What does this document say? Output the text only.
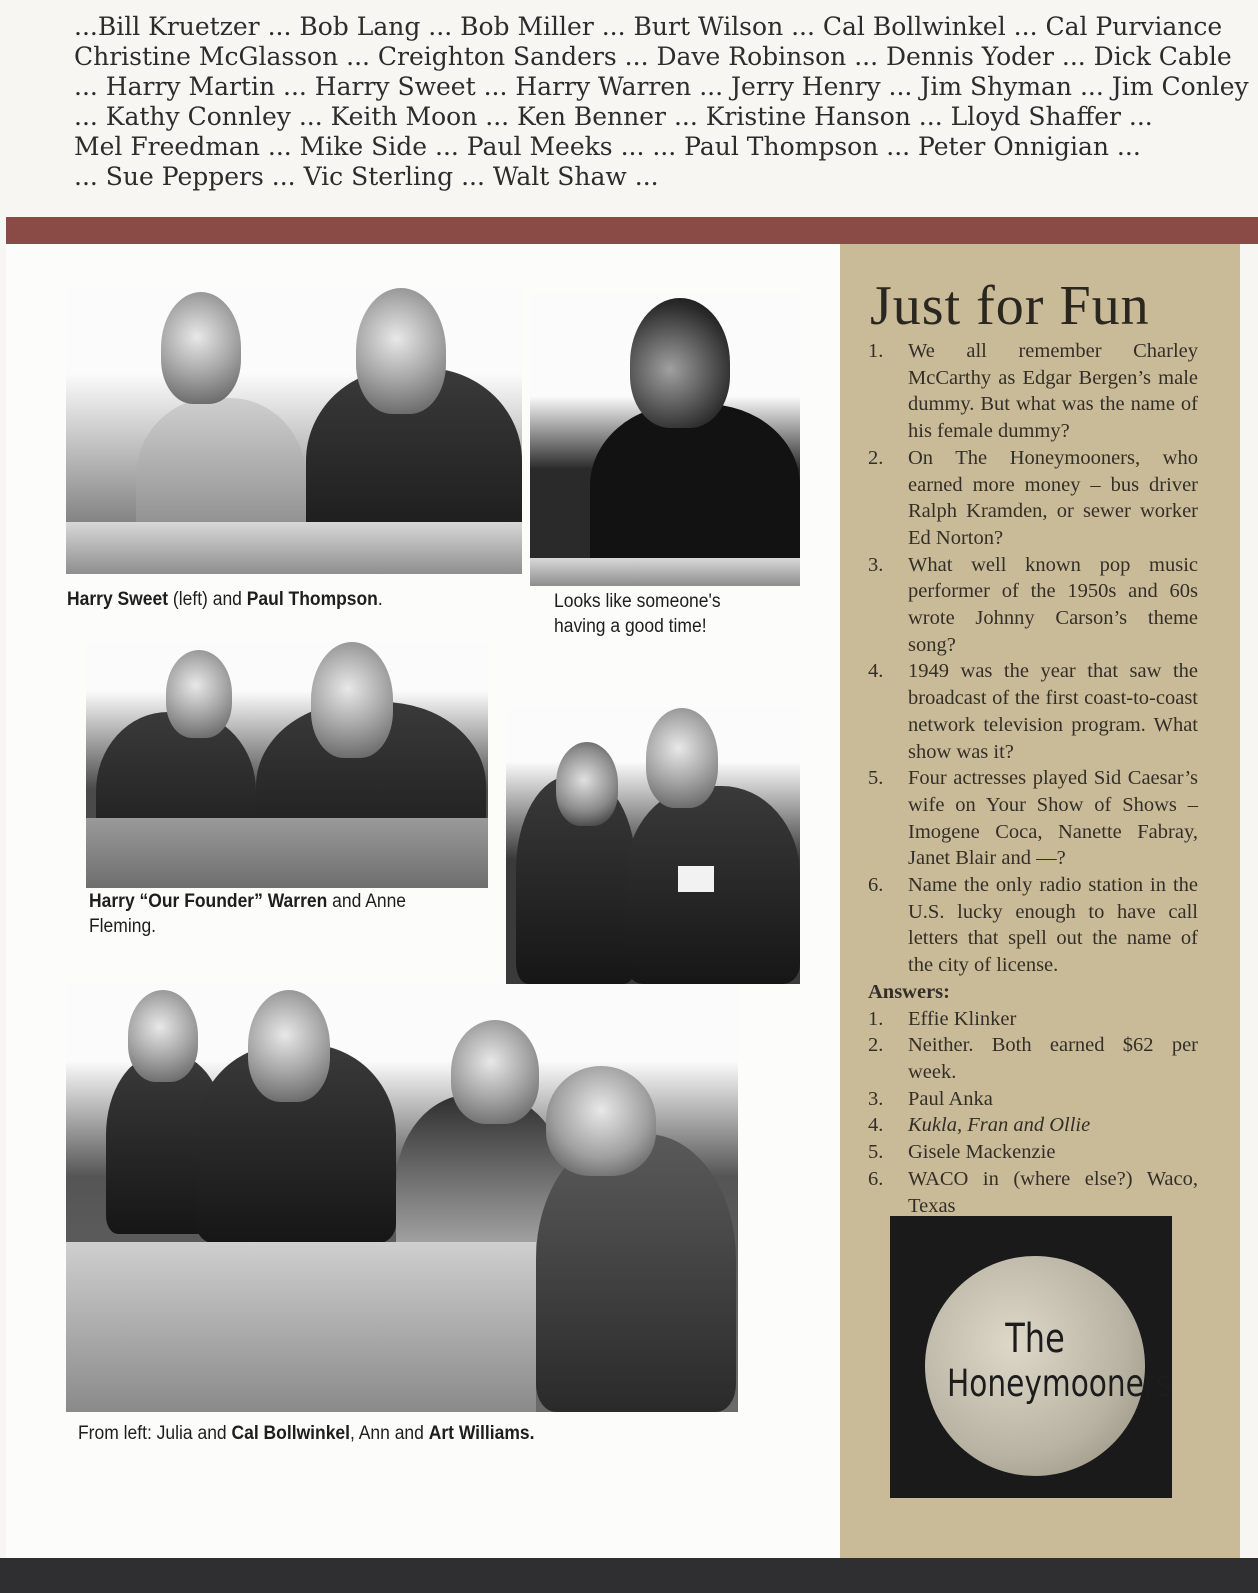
...Bill Kruetzer ... Bob Lang ... Bob Miller ... Burt Wilson ... Cal Bollwinkel ... Cal Purviance
Christine McGlasson ... Creighton Sanders ... Dave Robinson ... Dennis Yoder ... Dick Cable
... Harry Martin ... Harry Sweet ... Harry Warren ... Jerry Henry ... Jim Shyman ... Jim Conley
... Kathy Connley ... Keith Moon ... Ken Benner ... Kristine Hanson ... Lloyd Shaffer ...
Mel Freedman ... Mike Side ... Paul Meeks ... ... Paul Thompson ... Peter Onnigian ...
... Sue Peppers ... Vic Sterling ... Walt Shaw ...
Harry Sweet (left) and Paul Thompson.	Looks like someone's
having a good time!
Harry “Our Founder” Warren and Anne
Fleming.
From left: Julia and Cal Bollwinkel, Ann and Art Williams.
Just for Fun
1.	We all remember Charley McCarthy as Edgar Bergen’s male dummy. But what was the name of his female dummy?
2.	On The Honeymooners, who earned more money – bus driver Ralph Kramden, or sewer worker Ed Norton?
3.	What well known pop music performer of the 1950s and 60s wrote Johnny Carson’s theme song?
4.	1949 was the year that saw the broadcast of the first coast-to-coast network television program. What show was it?
5.	Four actresses played Sid Caesar’s wife on Your Show of Shows – Imogene Coca, Nanette Fabray, Janet Blair and —?
6.	Name the only radio station in the U.S. lucky enough to have call letters that spell out the name of the city of license.
Answers:
1.	Effie Klinker
2.	Neither. Both earned $62 per week.
3.	Paul Anka
4.	Kukla, Fran and Ollie
5.	Gisele Mackenzie
6.	WACO in (where else?) Waco, Texas
The
Honeymooners
